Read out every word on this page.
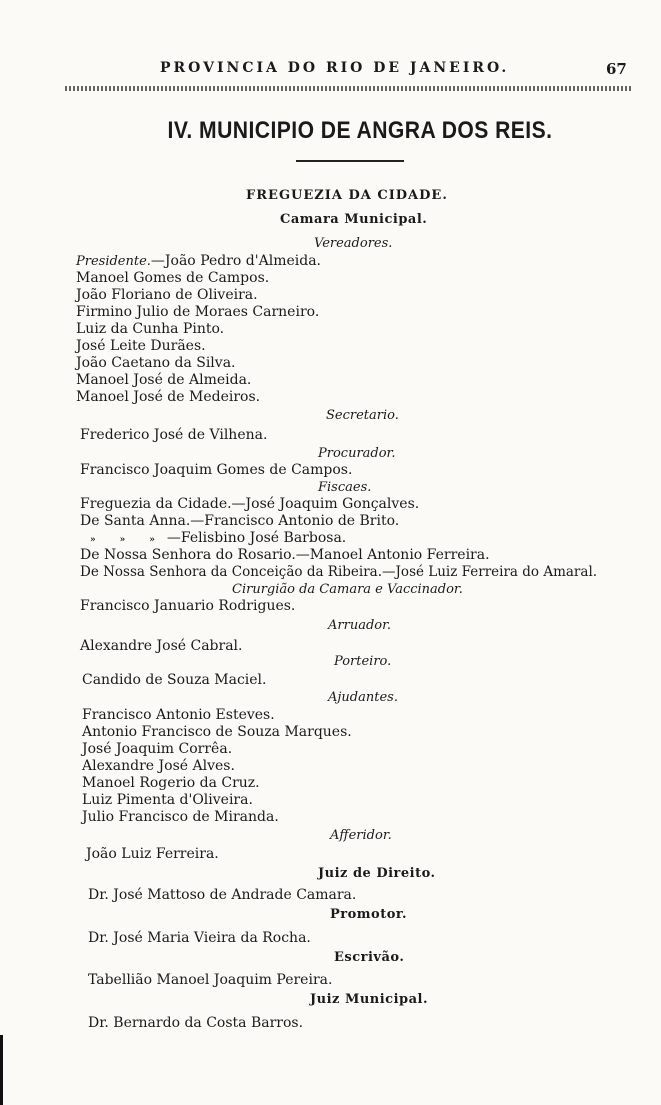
PROVINCIA DO RIO DE JANEIRO.	67
IV. MUNICIPIO DE ANGRA DOS REIS.
FREGUEZIA DA CIDADE.
Camara Municipal.
Vereadores.
Presidente.—João Pedro d'Almeida.
Manoel Gomes de Campos.
João Floriano de Oliveira.
Firmino Julio de Moraes Carneiro.
Luiz da Cunha Pinto.
José Leite Durães.
João Caetano da Silva.
Manoel José de Almeida.
Manoel José de Medeiros.
Secretario.
Frederico José de Vilhena.
Procurador.
Francisco Joaquim Gomes de Campos.
Fiscaes.
Freguezia da Cidade.—José Joaquim Gonçalves.
De Santa Anna.—Francisco Antonio de Brito.
»	»	» —Felisbino José Barbosa.
De Nossa Senhora do Rosario.—Manoel Antonio Ferreira.
De Nossa Senhora da Conceição da Ribeira.—José Luiz Ferreira do Amaral.
Cirurgião da Camara e Vaccinador.
Francisco Januario Rodrigues.
Arruador.
Alexandre José Cabral.
Porteiro.
Candido de Souza Maciel.
Ajudantes.
Francisco Antonio Esteves.
Antonio Francisco de Souza Marques.
José Joaquim Corrêa.
Alexandre José Alves.
Manoel Rogerio da Cruz.
Luiz Pimenta d'Oliveira.
Julio Francisco de Miranda.
Afferidor.
João Luiz Ferreira.
Juiz de Direito.
Dr. José Mattoso de Andrade Camara.
Promotor.
Dr. José Maria Vieira da Rocha.
Escrivão.
Tabellião Manoel Joaquim Pereira.
Juiz Municipal.
Dr. Bernardo da Costa Barros.
